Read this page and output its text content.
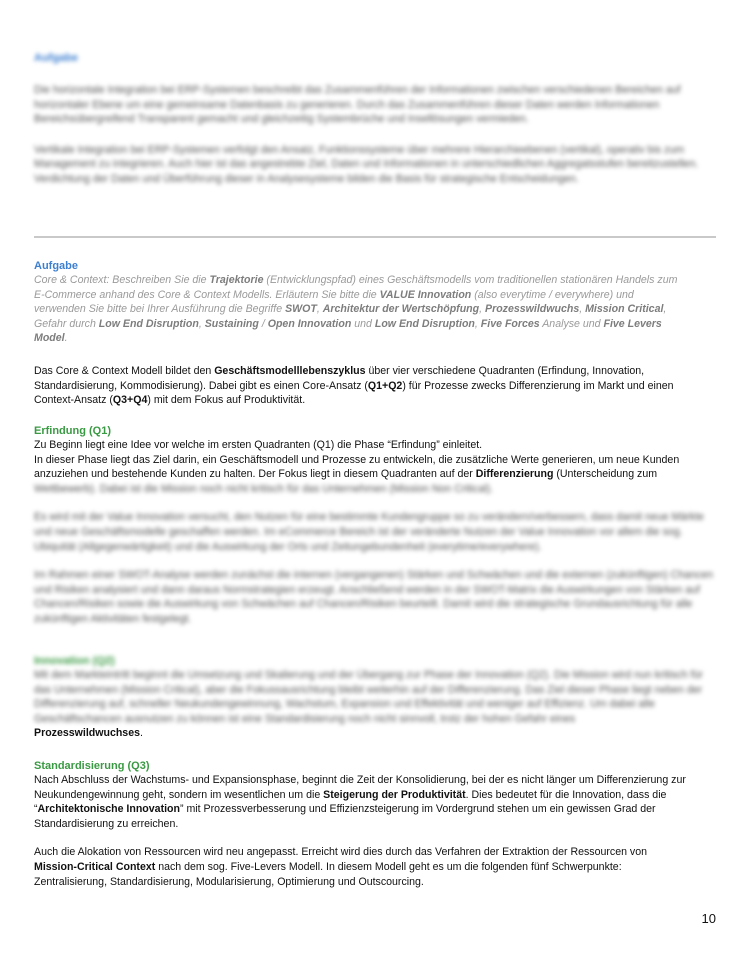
Aufgabe

Die horizontale Integration bei ERP-Systemen beschreibt das Zusammenführen der Informationen zwischen verschiedenen Bereichen auf horizontaler Ebene um eine gemeinsame Datenbasis zu generieren. Durch das Zusammenführen dieser Daten werden Informationen Bereichsübergreifend Transparent gemacht und gleichzeitig Systembrüche und Insellösungen vermieden.

Vertikale Integration bei ERP-Systemen verfolgt den Ansatz, Funktionssysteme über mehrere Hierarchieebenen (vertikal), operativ bis zum Management zu integrieren. Auch hier ist das angestrebte Ziel, Daten und Informationen in unterschiedlichen Aggregatsstufen bereitzustellen. Verdichtung der Daten und Überführung dieser in Analysesysteme bilden die Basis für strategische Entscheidungen.

Aufgabe

Core & Context: Beschreiben Sie die Trajektorie (Entwicklungspfad) eines Geschäftsmodells vom traditionellen stationären Handels zum
E-Commerce anhand des Core & Context Modells. Erläutern Sie bitte die VALUE Innovation (also everytime / everywhere) und
verwenden Sie bitte bei Ihrer Ausführung die Begriffe SWOT, Architektur der Wertschöpfung, Prozesswildwuchs, Mission Critical,
Gefahr durch Low End Disruption, Sustaining / Open Innovation und Low End Disruption, Five Forces Analyse und Five Levers
Model.

Das Core & Context Modell bildet den Geschäftsmodelllebenszyklus über vier verschiedene Quadranten (Erfindung, Innovation,
Standardisierung, Kommodisierung). Dabei gibt es einen Core-Ansatz (Q1+Q2) für Prozesse zwecks Differenzierung im Markt und einen
Context-Ansatz (Q3+Q4) mit dem Fokus auf Produktivität.

Erfindung (Q1)

Zu Beginn liegt eine Idee vor welche im ersten Quadranten (Q1) die Phase “Erfindung” einleitet.
In dieser Phase liegt das Ziel darin, ein Geschäftsmodell und Prozesse zu entwickeln, die zusätzliche Werte generieren, um neue Kunden
anzuziehen und bestehende Kunden zu halten. Der Fokus liegt in diesem Quadranten auf der Differenzierung (Unterscheidung zum

Wettbewerb). Dabei ist die Mission noch nicht kritisch für das Unternehmen (Mission Non Critical).

Es wird mit der Value Innovation versucht, den Nutzen für eine bestimmte Kundengruppe so zu verändern/verbessern, dass damit neue Märkte und neue Geschäftsmodelle geschaffen werden. Im eCommerce Bereich ist der veränderte Nutzen der Value Innovation vor allem die sog. Ubiquität (Allgegenwärtigkeit) und die Auswirkung der Orts und Zeitungebundenheit (everytime/everywhere).

Im Rahmen einer SWOT-Analyse werden zunächst die internen (vergangenen) Stärken und Schwächen und die externen (zukünftigen) Chancen und Risiken analysiert und dann daraus Normstrategien erzeugt. Anschließend werden in der SWOT-Matrix die Auswirkungen von Stärken auf Chancen/Risiken sowie die Auswirkung von Schwächen auf Chancen/Risiken beurteilt. Damit wird die strategische Grundausrichtung für alle zukünftigen Aktivitäten festgelegt.

Innovation (Q2)

Mit dem Markteintritt beginnt die Umsetzung und Skalierung und der Übergang zur Phase der Innovation (Q2). Die Mission wird nun kritisch für das Unternehmen (Mission Critical), aber die Fokussausrichtung bleibt weiterhin auf der Differenzierung. Das Ziel dieser Phase liegt neben der Differenzierung auf, schneller Neukundengewinnung, Wachstum, Expansion und Effektivität und weniger auf Effizienz. Um dabei alle Geschäftschancen ausnutzen zu können ist eine Standardisierung noch nicht sinnvoll, trotz der hohen Gefahr eines

Prozesswildwuchses.

Standardisierung (Q3)

Nach Abschluss der Wachstums- und Expansionsphase, beginnt die Zeit der Konsolidierung, bei der es nicht länger um Differenzierung zur
Neukundengewinnung geht, sondern im wesentlichen um die Steigerung der Produktivität. Dies bedeutet für die Innovation, dass die
“Architektonische Innovation” mit Prozessverbesserung und Effizienzsteigerung im Vordergrund stehen um ein gewissen Grad der
Standardisierung zu erreichen.

Auch die Alokation von Ressourcen wird neu angepasst. Erreicht wird dies durch das Verfahren der Extraktion der Ressourcen von
Mission-Critical Context nach dem sog. Five-Levers Modell. In diesem Modell geht es um die folgenden fünf Schwerpunkte:
Zentralisierung, Standardisierung, Modularisierung, Optimierung und Outscourcing.

10
